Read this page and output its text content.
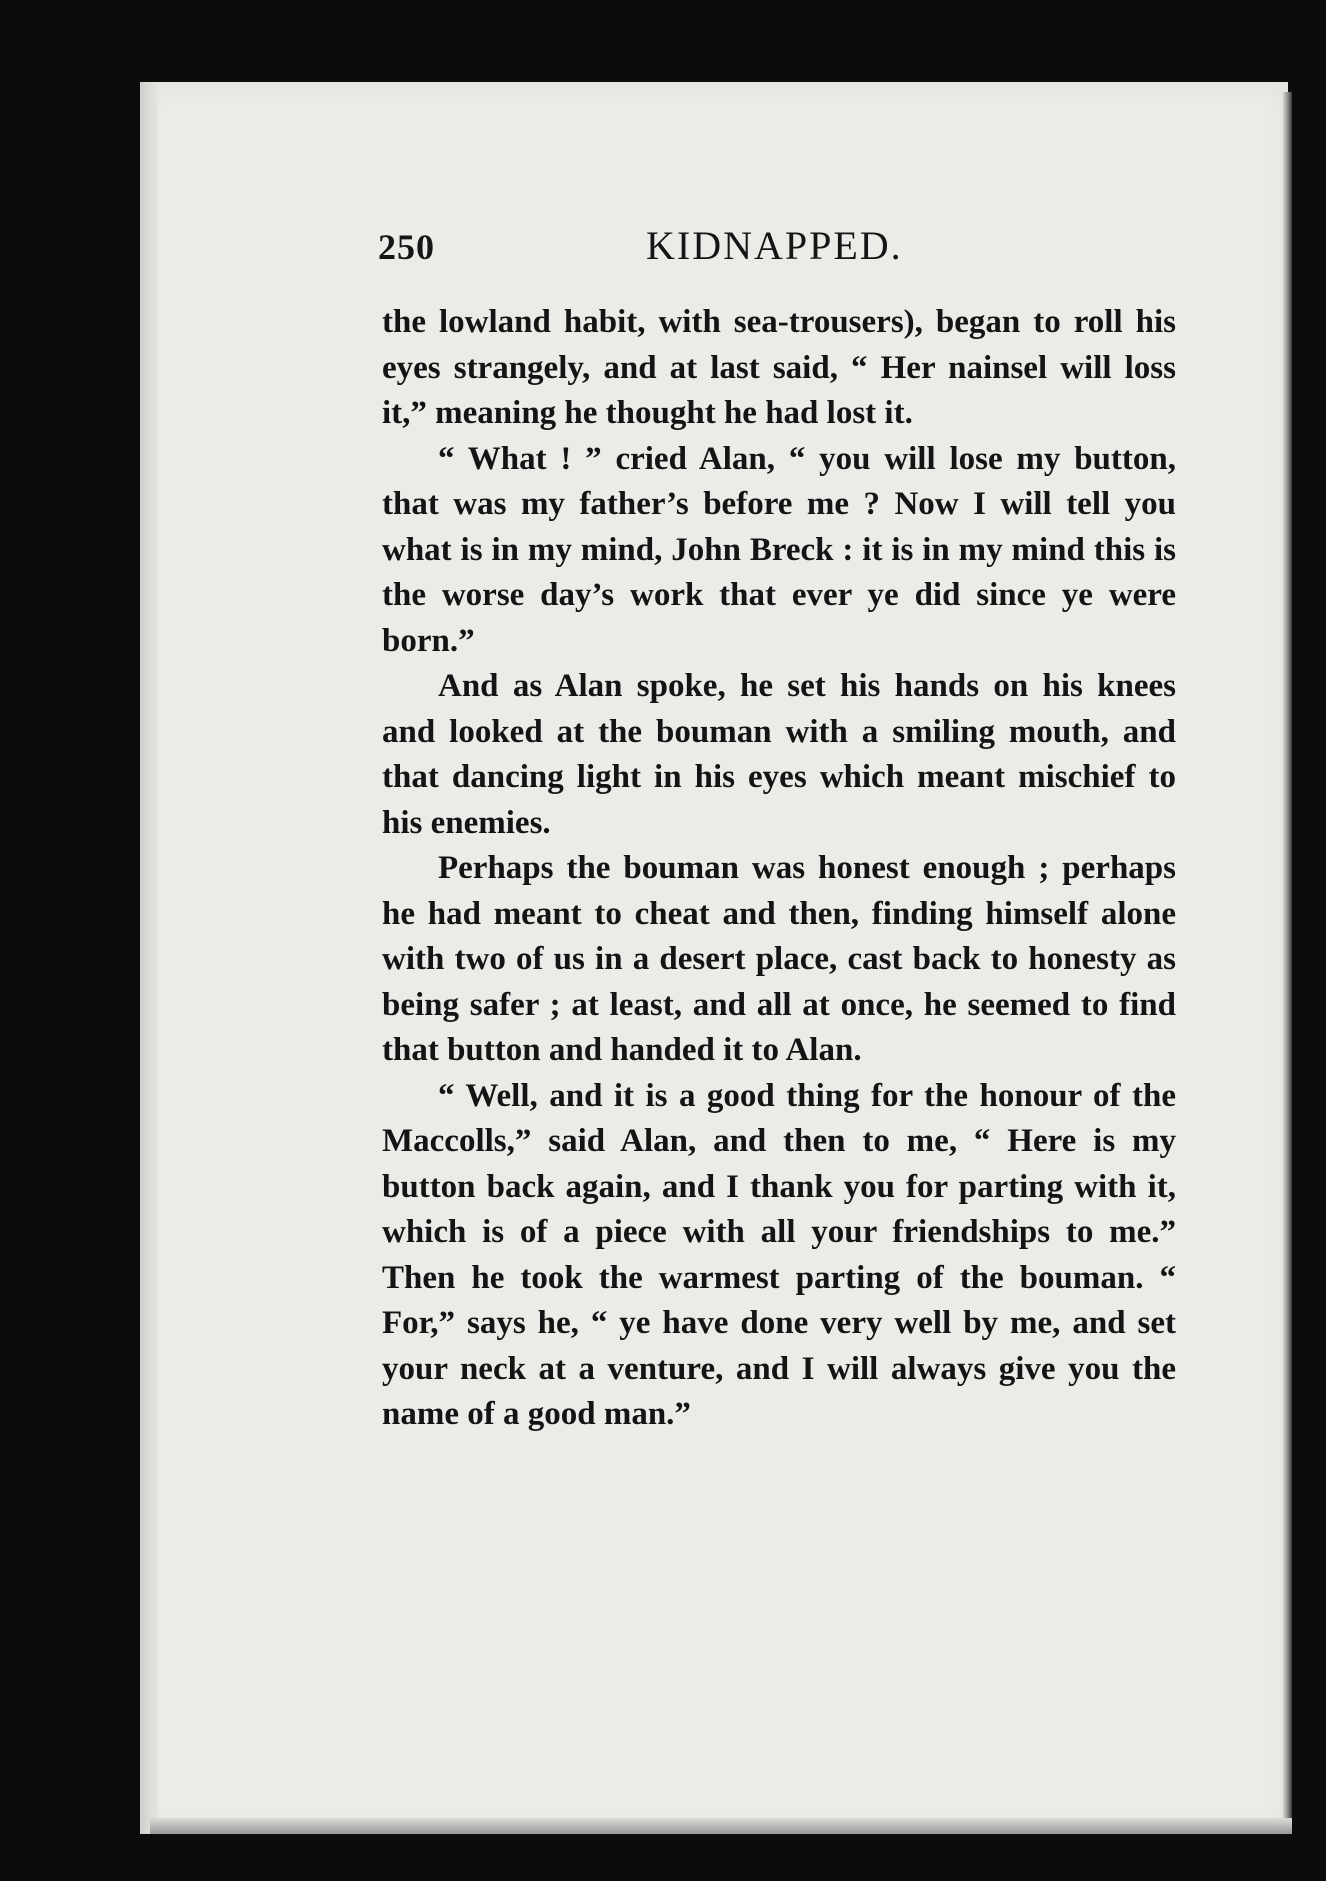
250	KIDNAPPED.

the lowland habit, with sea-trousers), began to roll his eyes strangely, and at last said, “ Her nainsel will loss it,” meaning he thought he had lost it.

“ What ! ” cried Alan, “ you will lose my button, that was my father’s before me ? Now I will tell you what is in my mind, John Breck : it is in my mind this is the worse day’s work that ever ye did since ye were born.”

And as Alan spoke, he set his hands on his knees and looked at the bouman with a smiling mouth, and that dancing light in his eyes which meant mischief to his enemies.

Perhaps the bouman was honest enough ; perhaps he had meant to cheat and then, finding himself alone with two of us in a desert place, cast back to honesty as being safer ; at least, and all at once, he seemed to find that button and handed it to Alan.

“ Well, and it is a good thing for the honour of the Maccolls,” said Alan, and then to me, “ Here is my button back again, and I thank you for parting with it, which is of a piece with all your friendships to me.” Then he took the warmest parting of the bouman. “ For,” says he, “ ye have done very well by me, and set your neck at a venture, and I will always give you the name of a good man.”
